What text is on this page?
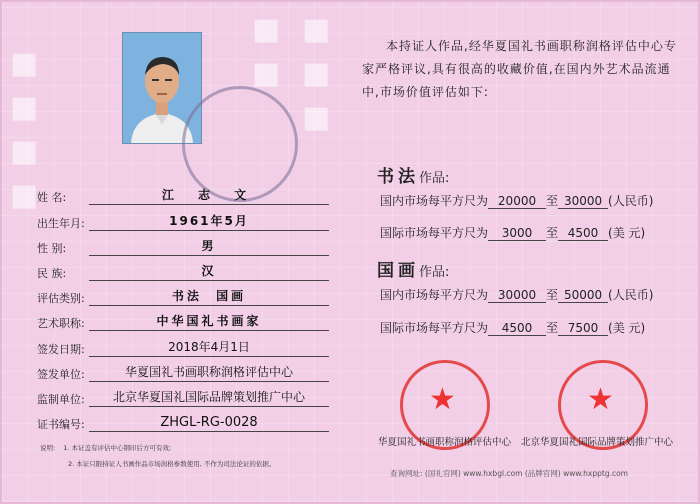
■
■
■
■
■
■
■
■
■
姓 名:	江 志 文
出生年月:	1961年5月
性 别:	男
民 族:	汉
评估类别:	书法  国画
艺术职称:	中华国礼书画家
签发日期:	2018年4月1日
签发单位:	华夏国礼书画职称润格评估中心
监制单位:	北京华夏国礼国际品牌策划推广中心
证书编号:	ZHGL-RG-0028
说明: 1. 本证盖有评估中心钢印后方可有效;
2. 本证只限持证人书画作品市场润格参数使用, 不作为司法论证的依据。
本持证人作品,经华夏国礼书画职称润格评估中心专家严格评议,具有很高的收藏价值,在国内外艺术品流通中,市场价值评估如下:
书法作品:
国内市场每平方尺为 20000 至 30000 (人民币)
国际市场每平方尺为	3000	至 4500 (美 元)
国画作品:
国内市场每平方尺为 30000 至 50000 (人民币)
国际市场每平方尺为	4500	至 7500 (美 元)
★	★
华夏国礼书画职称润格评估中心 北京华夏国礼国际品牌策划推广中心
查询网址: (国礼官网) www.hxbgl.com (品牌官网) www.hxpptg.com
